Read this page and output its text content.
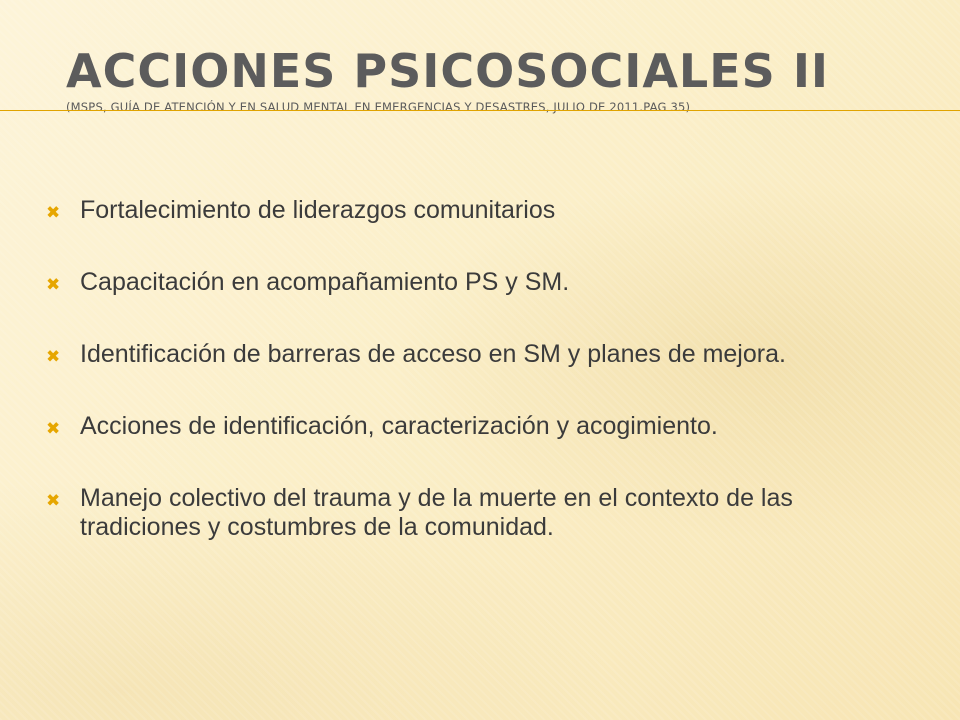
ACCIONES PSICOSOCIALES II
(MSPS, GUÍA DE ATENCIÓN Y EN SALUD MENTAL EN EMERGENCIAS Y DESASTRES, JULIO DE 2011.PAG 35)
✖ Fortalecimiento de liderazgos comunitarios
✖ Capacitación en acompañamiento PS y SM.
✖ Identificación de barreras de acceso en SM y planes de mejora.
✖ Acciones de identificación, caracterización y acogimiento.
✖ Manejo colectivo del trauma y de la muerte en el contexto de las tradiciones y costumbres de la comunidad.
